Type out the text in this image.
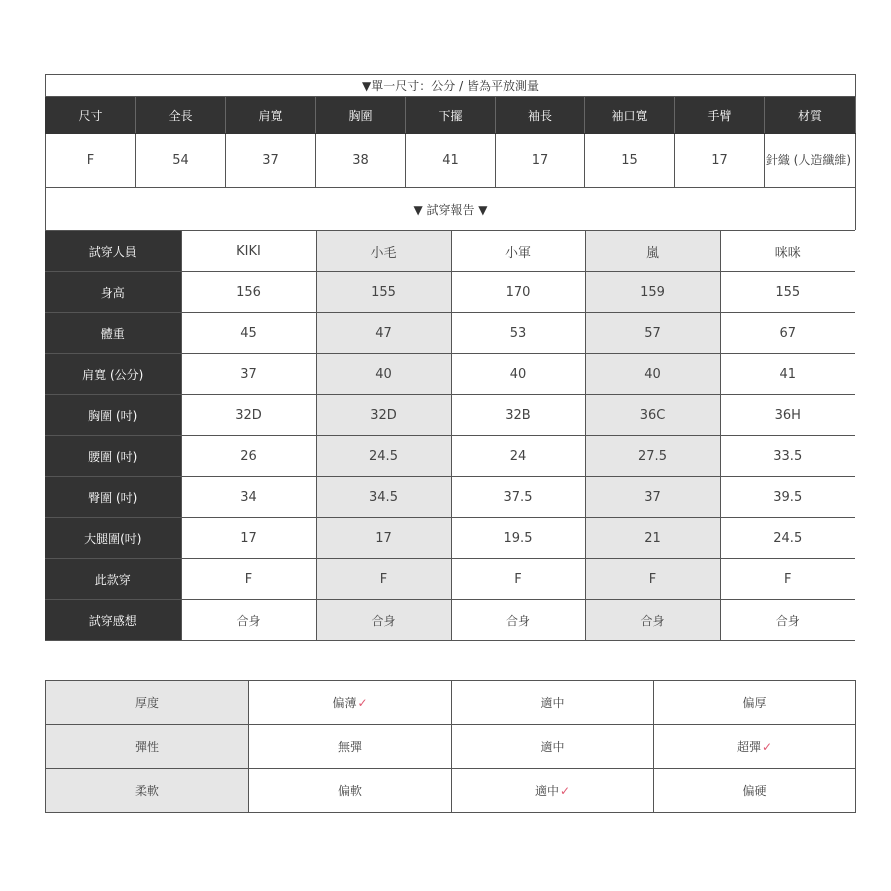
▼單一尺寸：公分 / 皆為平放測量								
尺寸	全長	肩寬	胸圍	下擺	袖長	袖口寬	手臂	材質
F	54	37	38	41	17	15	17	針織 (人造纖維)
▼ 試穿報告 ▼								
試穿人員	KIKI	小毛	小軍	嵐	咪咪
身高	156	155	170	159	155
體重	45	47	53	57	67
肩寬 (公分)	37	40	40	40	41
胸圍 (吋)	32D	32D	32B	36C	36H
腰圍 (吋)	26	24.5	24	27.5	33.5
臀圍 (吋)	34	34.5	37.5	37	39.5
大腿圍(吋)	17	17	19.5	21	24.5
此款穿	F	F	F	F	F
試穿感想	合身	合身	合身	合身	合身
厚度	偏薄✓	適中	偏厚
彈性	無彈	適中	超彈✓
柔軟	偏軟	適中✓	偏硬
